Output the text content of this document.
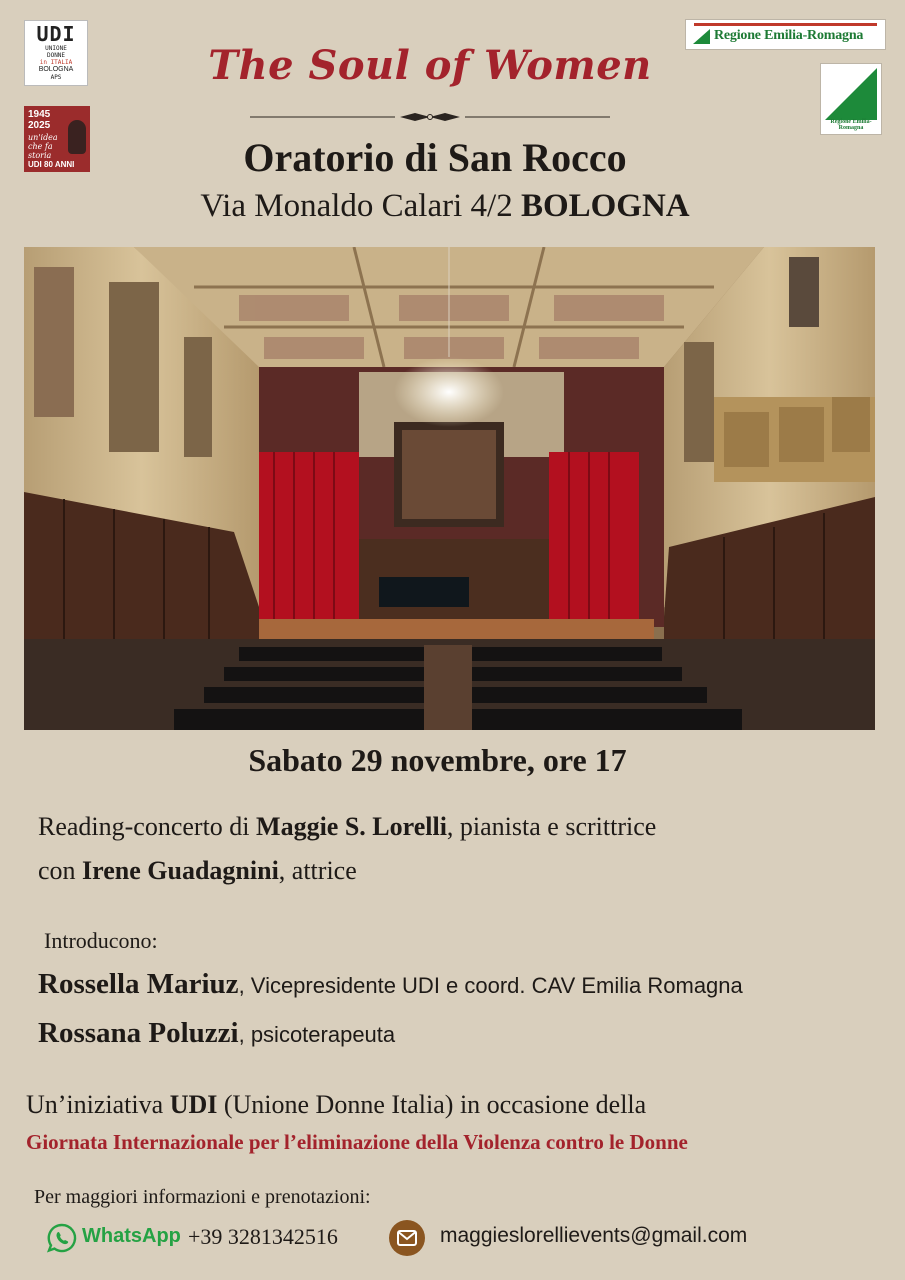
UDI
UNIONE
DONNE
in ITALIA
BOLOGNA
APS
1945
2025
un'idea che fa storia
UDI 80 ANNI
Regione Emilia-Romagna
Regione Emilia-Romagna
The Soul of Women
Oratorio di San Rocco
Via Monaldo Calari 4/2 BOLOGNA
Sabato 29 novembre, ore 17
Reading-concerto di Maggie S. Lorelli, pianista e scrittrice
con Irene Guadagnini, attrice
Introducono:
Rossella Mariuz, Vicepresidente UDI e coord. CAV Emilia Romagna
Rossana Poluzzi, psicoterapeuta
Un’iniziativa UDI (Unione Donne Italia) in occasione della
Giornata Internazionale per l’eliminazione della Violenza contro le Donne
Per maggiori informazioni e prenotazioni:
WhatsApp +39 3281342516	maggieslorellievents@gmail.com
